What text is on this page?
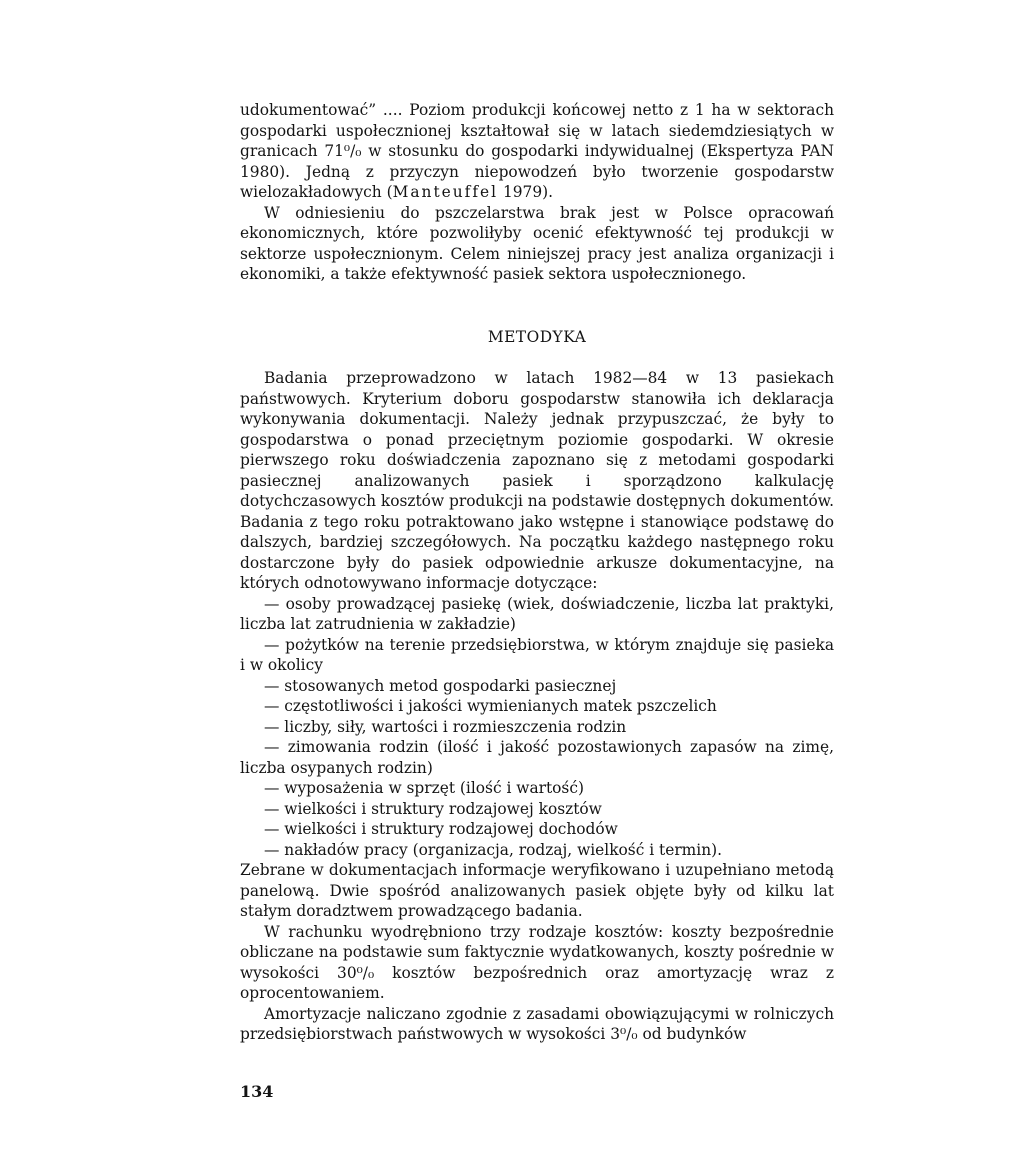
udokumentować” .... Poziom produkcji końcowej netto z 1 ha w sektorach gospodarki uspołecznionej kształtował się w latach siedemdziesiątych w granicach 71⁰/₀ w stosunku do gospodarki indywidualnej (Ekspertyza PAN 1980). Jedną z przyczyn niepowodzeń było tworzenie gospodarstw wielozakładowych (Manteuffel 1979).

W odniesieniu do pszczelarstwa brak jest w Polsce opracowań ekonomicznych, które pozwoliłyby ocenić efektywność tej produkcji w sektorze uspołecznionym. Celem niniejszej pracy jest analiza organizacji i ekonomiki, a także efektywność pasiek sektora uspołecznionego.

METODYKA

Badania przeprowadzono w latach 1982—84 w 13 pasiekach państwowych. Kryterium doboru gospodarstw stanowiła ich deklaracja wykonywania dokumentacji. Należy jednak przypuszczać, że były to gospodarstwa o ponad przeciętnym poziomie gospodarki. W okresie pierwszego roku doświadczenia zapoznano się z metodami gospodarki pasiecznej analizowanych pasiek i sporządzono kalkulację dotychczasowych kosztów produkcji na podstawie dostępnych dokumentów. Badania z tego roku potraktowano jako wstępne i stanowiące podstawę do dalszych, bardziej szczegółowych. Na początku każdego następnego roku dostarczone były do pasiek odpowiednie arkusze dokumentacyjne, na których odnotowywano informacje dotyczące:

— osoby prowadzącej pasiekę (wiek, doświadczenie, liczba lat praktyki, liczba lat zatrudnienia w zakładzie)
— pożytków na terenie przedsiębiorstwa, w którym znajduje się pasieka i w okolicy
— stosowanych metod gospodarki pasiecznej
— częstotliwości i jakości wymienianych matek pszczelich
— liczby, siły, wartości i rozmieszczenia rodzin
— zimowania rodzin (ilość i jakość pozostawionych zapasów na zimę, liczba osypanych rodzin)
— wyposażenia w sprzęt (ilość i wartość)
— wielkości i struktury rodzajowej kosztów
— wielkości i struktury rodzajowej dochodów
— nakładów pracy (organizacja, rodzaj, wielkość i termin).

Zebrane w dokumentacjach informacje weryfikowano i uzupełniano metodą panelową. Dwie spośród analizowanych pasiek objęte były od kilku lat stałym doradztwem prowadzącego badania.

W rachunku wyodrębniono trzy rodzaje kosztów: koszty bezpośrednie obliczane na podstawie sum faktycznie wydatkowanych, koszty pośrednie w wysokości 30⁰/₀ kosztów bezpośrednich oraz amortyzację wraz z oprocentowaniem.

Amortyzacje naliczano zgodnie z zasadami obowiązującymi w rolniczych przedsiębiorstwach państwowych w wysokości 3⁰/₀ od budynków

134
